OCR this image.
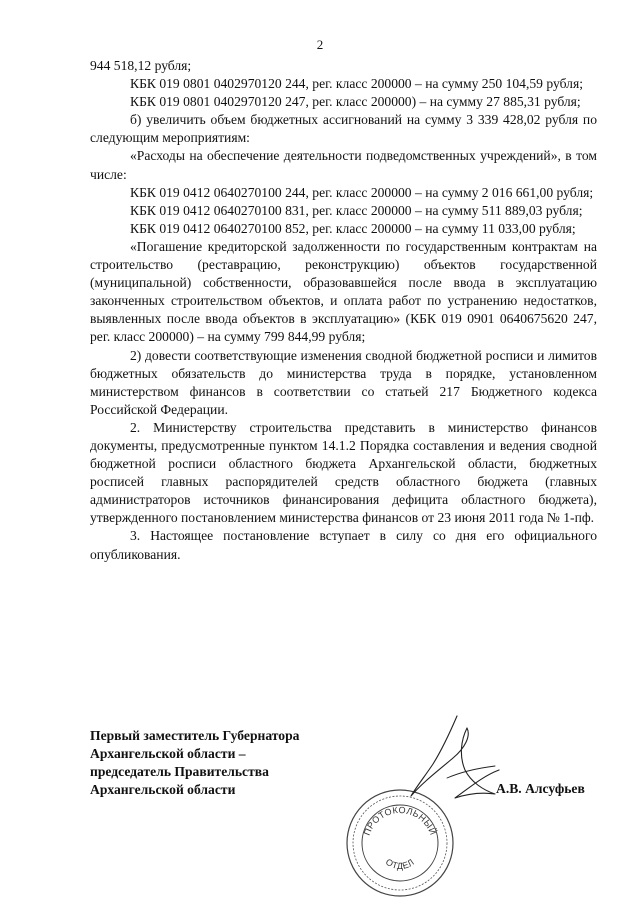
2

944 518,12 рубля;

КБК 019 0801 0402970120 244, рег. класс 200000 – на сумму 250 104,59 рубля;

КБК 019 0801 0402970120 247, рег. класс 200000) – на сумму 27 885,31 рубля;

б) увеличить объем бюджетных ассигнований на сумму 3 339 428,02 рубля по следующим мероприятиям:

«Расходы на обеспечение деятельности подведомственных учреждений», в том числе:

КБК 019 0412 0640270100 244, рег. класс 200000 – на сумму 2 016 661,00 рубля;

КБК 019 0412 0640270100 831, рег. класс 200000 – на сумму 511 889,03 рубля;

КБК 019 0412 0640270100 852, рег. класс 200000 – на сумму 11 033,00 рубля;

«Погашение кредиторской задолженности по государственным контрактам на строительство (реставрацию, реконструкцию) объектов государственной (муниципальной) собственности, образовавшейся после ввода в эксплуатацию законченных строительством объектов, и оплата работ по устранению недостатков, выявленных после ввода объектов в эксплуатацию» (КБК 019 0901 0640675620 247, рег. класс 200000) – на сумму 799 844,99 рубля;

2) довести соответствующие изменения сводной бюджетной росписи и лимитов бюджетных обязательств до министерства труда в порядке, установленном министерством финансов в соответствии со статьей 217 Бюджетного кодекса Российской Федерации.

2. Министерству строительства представить в министерство финансов документы, предусмотренные пунктом 14.1.2 Порядка составления и ведения сводной бюджетной росписи областного бюджета Архангельской области, бюджетных росписей главных распорядителей средств областного бюджета (главных администраторов источников финансирования дефицита областного бюджета), утвержденного постановлением министерства финансов от 23 июня 2011 года № 1-пф.

3. Настоящее постановление вступает в силу со дня его официального опубликования.

Первый заместитель Губернатора
Архангельской области –
председатель Правительства
Архангельской области	А.В. Алсуфьев
ПРОТОКОЛЬНЫЙ
ОТДЕЛ
